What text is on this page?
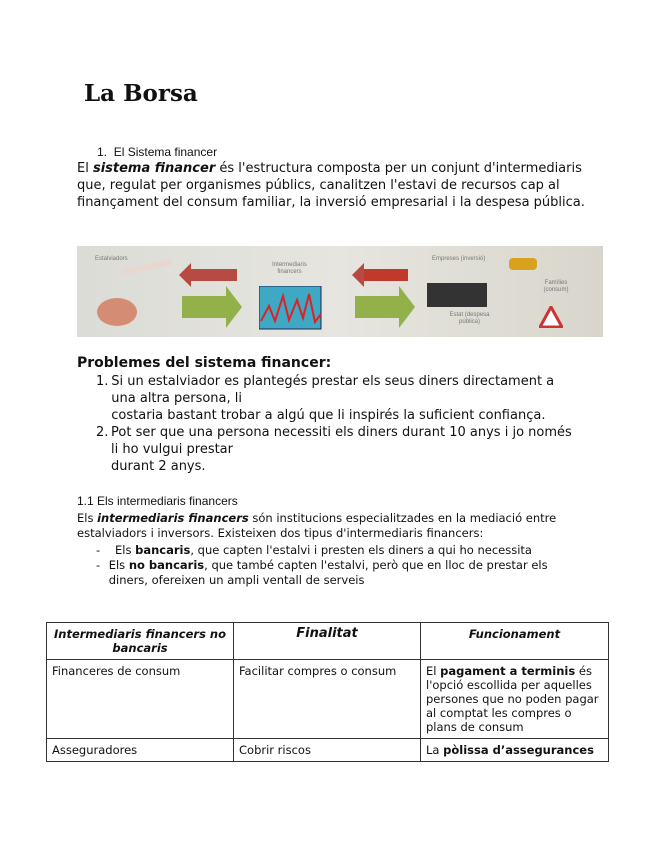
La Borsa
1. El Sistema financer

El sistema financer és l'estructura composta per un conjunt d'intermediaris que, regulat per organismes públics, canalitzen l'estavi de recursos cap al finançament del consum familiar, la inversió empresarial i la despesa pública.

Estalviadors
Intermediaris financers
Empreses (inversió)
Famílies (consum)
Estat (despesa pública)
Problemes del sistema financer:
1. Si un estalviador es plantegés prestar els seus diners directament a una altra persona, li
costaria bastant trobar a algú que li inspirés la suficient confiança.
2. Pot ser que una persona necessiti els diners durant 10 anys i jo només li ho vulgui prestar
durant 2 anys.
1.1 Els intermediaris financers

Els intermediaris financers són institucions especialitzades en la mediació entre estalviadors i inversors. Existeixen dos tipus d'intermediaris financers:

-	Els bancaris, que capten l'estalvi i presten els diners a qui ho necessita
- Els no bancaris, que també capten l'estalvi, però que en lloc de prestar els diners, ofereixen un ampli ventall de serveis
Intermediaris financers no bancaris	Finalitat	Funcionament
Financeres de consum	Facilitar compres o consum	El pagament a terminis és l'opció escollida per aquelles persones que no poden pagar al comptat les compres o plans de consum
Asseguradores	Cobrir riscos	La pòlissa d’assegurances
